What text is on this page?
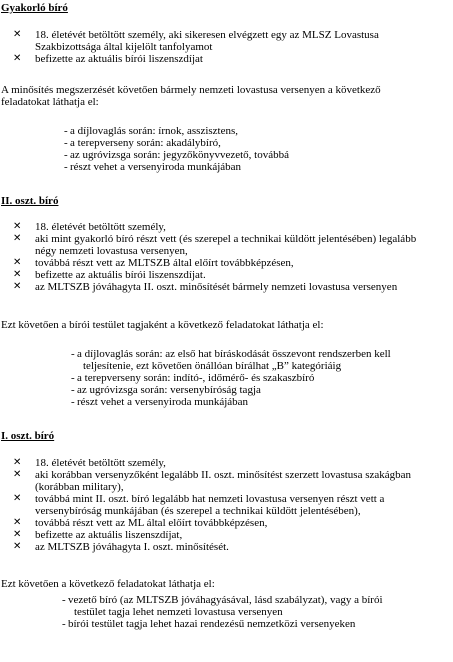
Gyakorló bíró
✕ 18. életévét betöltött személy, aki sikeresen elvégzett egy az MLSZ Lovastusa
Szakbizottsága által kijelölt tanfolyamot
✕ befizette az aktuális bírói liszenszdíjat

A minősítés megszerzését követően bármely nemzeti lovastusa versenyen a következő
feladatokat láthatja el:

- a díjlovaglás során: írnok, asszisztens,
- a terepverseny során: akadálybíró,
- az ugróvizsga során: jegyzőkönyvvezető, továbbá
- részt vehet a versenyiroda munkájában
II. oszt. bíró
✕ 18. életévét betöltött személy,
✕ aki mint gyakorló bíró részt vett (és szerepel a technikai küldött jelentésében) legalább
négy nemzeti lovastusa versenyen,
✕ továbbá részt vett az MLTSZB által előírt továbbképzésen,
✕ befizette az aktuális bírói liszenszdíjat.
✕ az MLTSZB jóváhagyta II. oszt. minősítését bármely nemzeti lovastusa versenyen

Ezt követően a bírói testület tagjaként a következő feladatokat láthatja el:

- a díjlovaglás során: az első hat bíráskodását összevont rendszerben kell
teljesítenie, ezt követően önállóan bírálhat „B” kategóriáig
- a terepverseny során: indító-, időmérő- és szakaszbíró
- az ugróvizsga során: versenybíróság tagja
- részt vehet a versenyiroda munkájában
I. oszt. bíró
✕ 18. életévét betöltött személy,
✕ aki korábban versenyzőként legalább II. oszt. minősítést szerzett lovastusa szakágban
(korábban military),
✕ továbbá mint II. oszt. bíró legalább hat nemzeti lovastusa versenyen részt vett a
versenybíróság munkájában (és szerepel a technikai küldött jelentésében),
✕ továbbá részt vett az ML által előírt továbbképzésen,
✕ befizette az aktuális liszenszdíjat,
✕ az MLTSZB jóváhagyta I. oszt. minősítését.

Ezt követően a következő feladatokat láthatja el:

- vezető bíró (az MLTSZB jóváhagyásával, lásd szabályzat), vagy a bírói
testület tagja lehet nemzeti lovastusa versenyen
- bírói testület tagja lehet hazai rendezésű nemzetközi versenyeken
